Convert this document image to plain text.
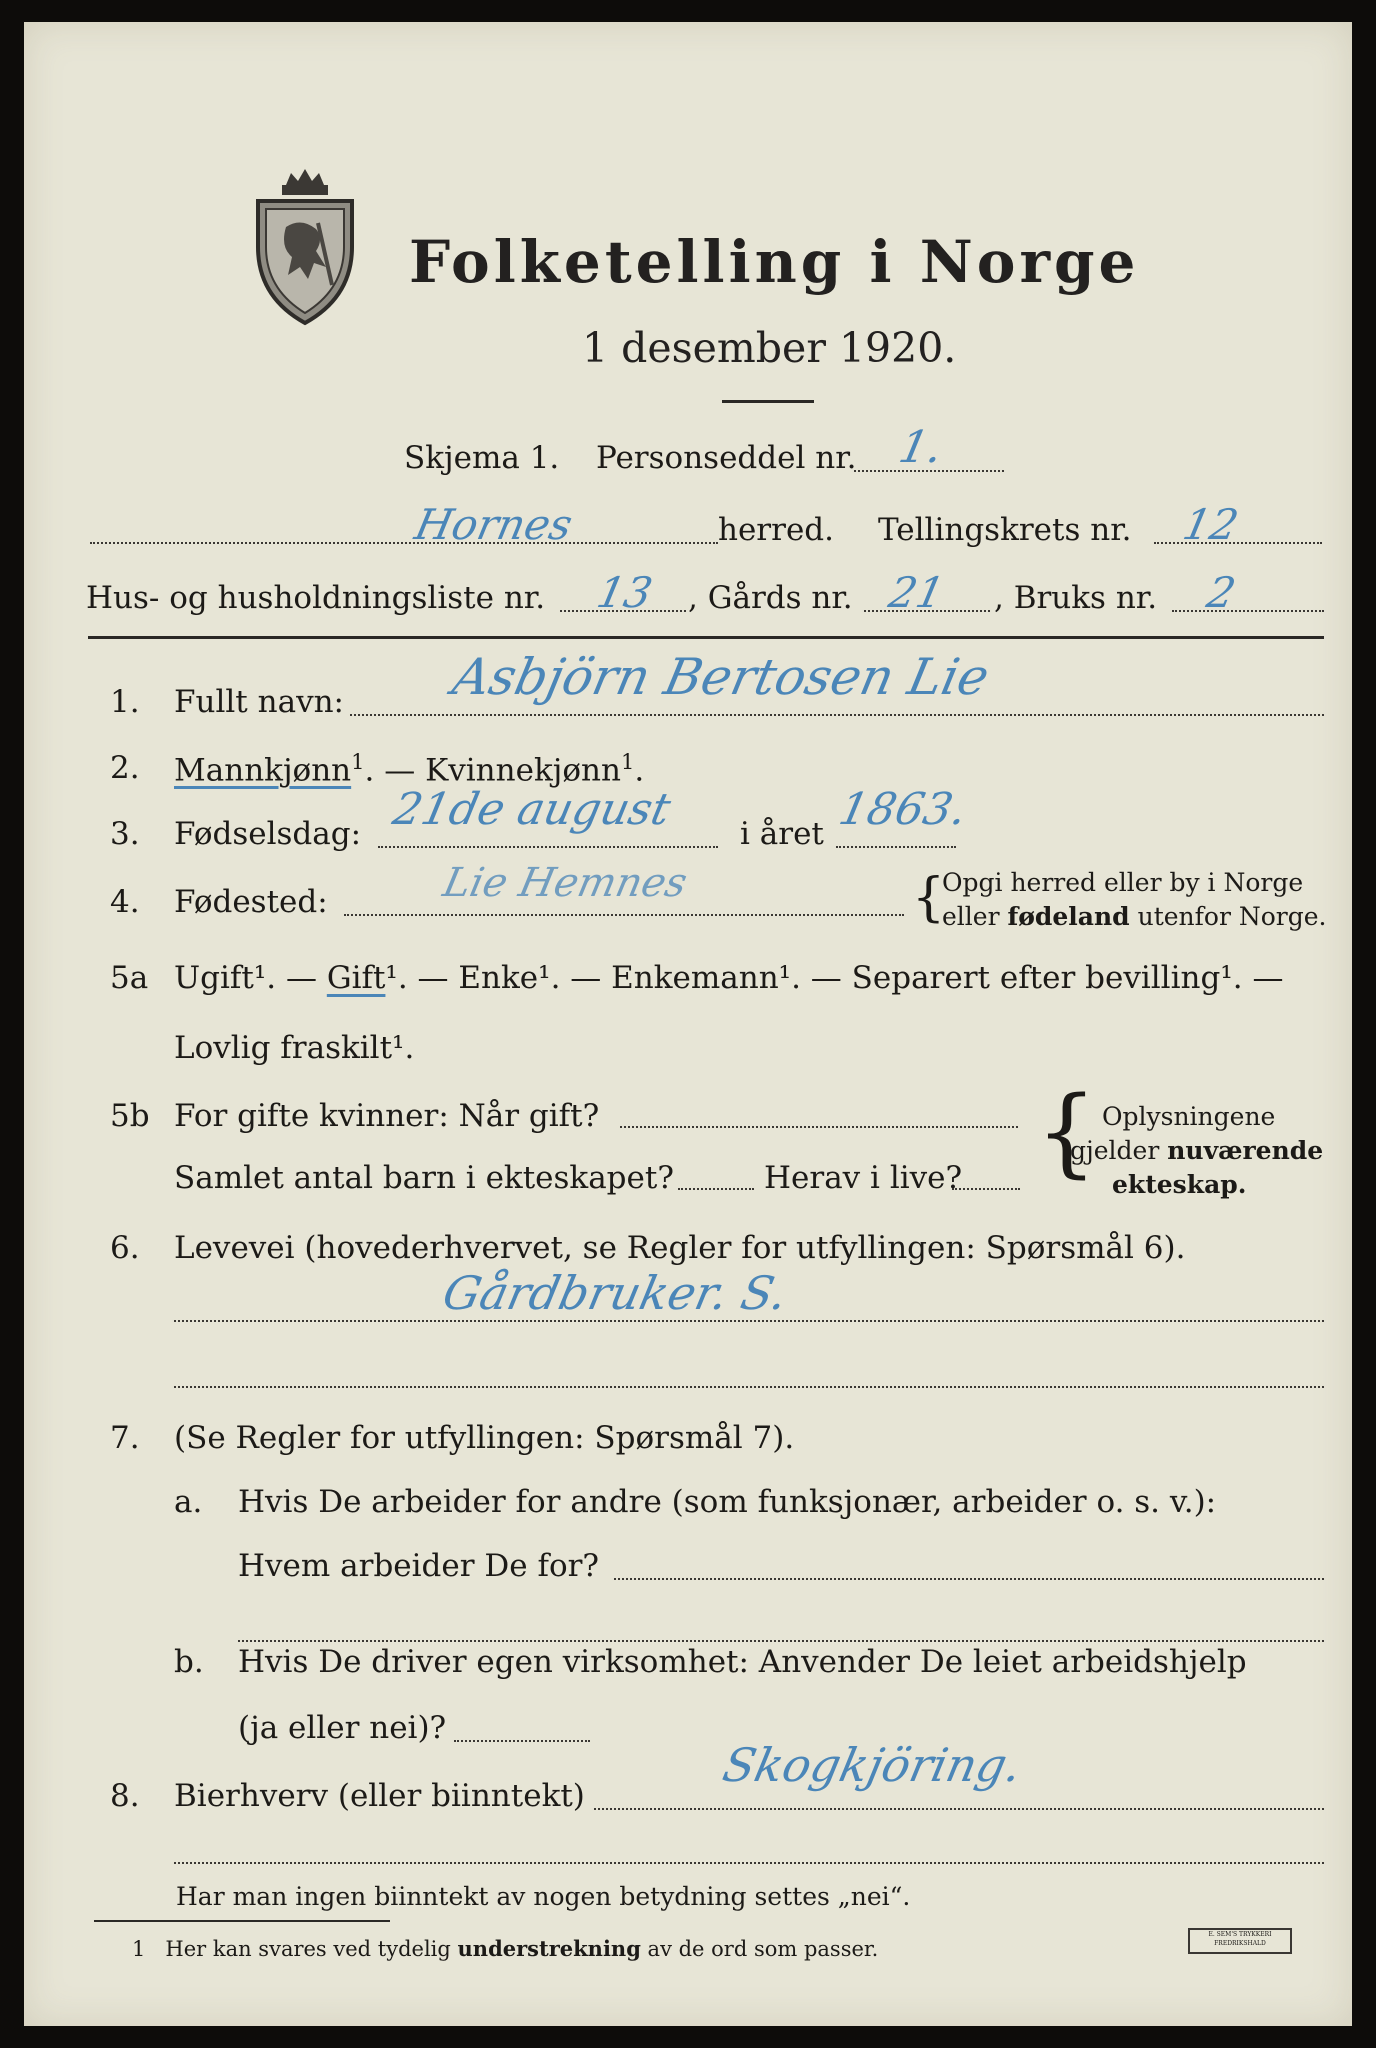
Folketelling i Norge
1 desember 1920.
Skjema 1. Personseddel nr. 1.
Hornes	herred. Tellingskrets nr. 12
Hus- og husholdningsliste nr. 13 , Gårds nr. 21 , Bruks nr. 2
1. Fullt navn: Asbjörn Bertosen Lie
2. Mannkjønn$^1$. — Kvinnekjønn$^1$.
3. Fødselsdag: 21de august i året 1863.
4. Fødested:	Lie Hemnes	{
Opgi herred eller by i Norge
eller fødeland utenfor Norge.
5a Ugift¹. — Gift¹. — Enke¹. — Enkemann¹. — Separert efter bevilling¹. —
Lovlig fraskilt¹.
5b For gifte kvinner: Når gift?
Samlet antal barn i ekteskapet?	Herav i live? { Oplysningene
gjelder nuværende
ekteskap.
6. Levevei (hovederhvervet, se Regler for utfyllingen: Spørsmål 6).
Gårdbruker. S.
7. (Se Regler for utfyllingen: Spørsmål 7).
a. Hvis De arbeider for andre (som funksjonær, arbeider o. s. v.):
Hvem arbeider De for?
b. Hvis De driver egen virksomhet: Anvender De leiet arbeidshjelp
(ja eller nei)?
8. Bierhverv (eller biinntekt)
Skogkjöring.
Har man ingen biinntekt av nogen betydning settes „nei“.
1 Her kan svares ved tydelig understrekning av de ord som passer.
E. SEM'S TRYKKERI FREDRIKSHALD
